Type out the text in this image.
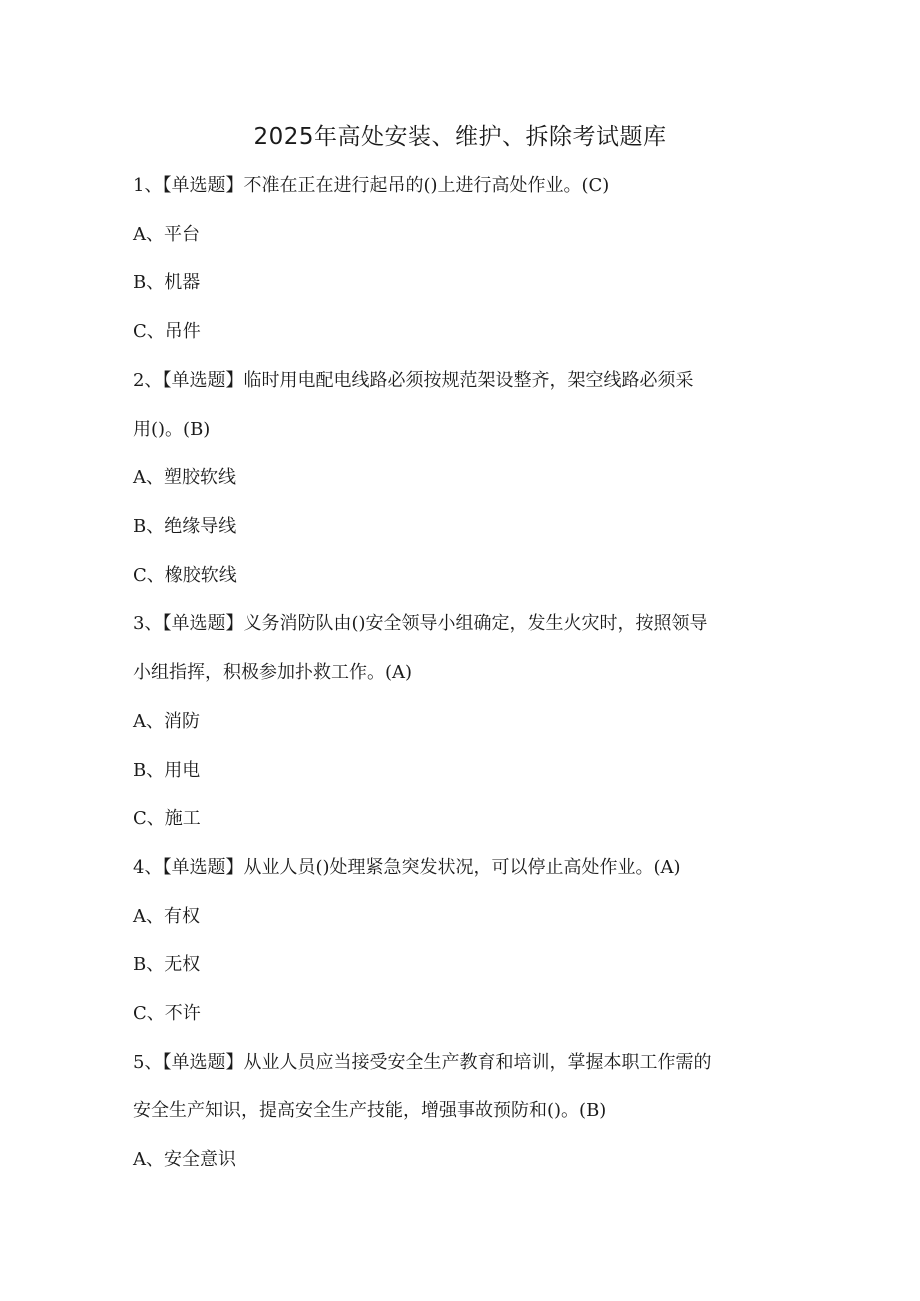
2025年高处安装、维护、拆除考试题库
1、【单选题】不准在正在进行起吊的()上进行高处作业。(C)
A、平台
B、机器
C、吊件
2、【单选题】临时用电配电线路必须按规范架设整齐，架空线路必须采
用()。(B)
A、塑胶软线
B、绝缘导线
C、橡胶软线
3、【单选题】义务消防队由()安全领导小组确定，发生火灾时，按照领导
小组指挥，积极参加扑救工作。(A)
A、消防
B、用电
C、施工
4、【单选题】从业人员()处理紧急突发状况，可以停止高处作业。(A)
A、有权
B、无权
C、不许
5、【单选题】从业人员应当接受安全生产教育和培训，掌握本职工作需的
安全生产知识，提高安全生产技能，增强事故预防和()。(B)
A、安全意识
